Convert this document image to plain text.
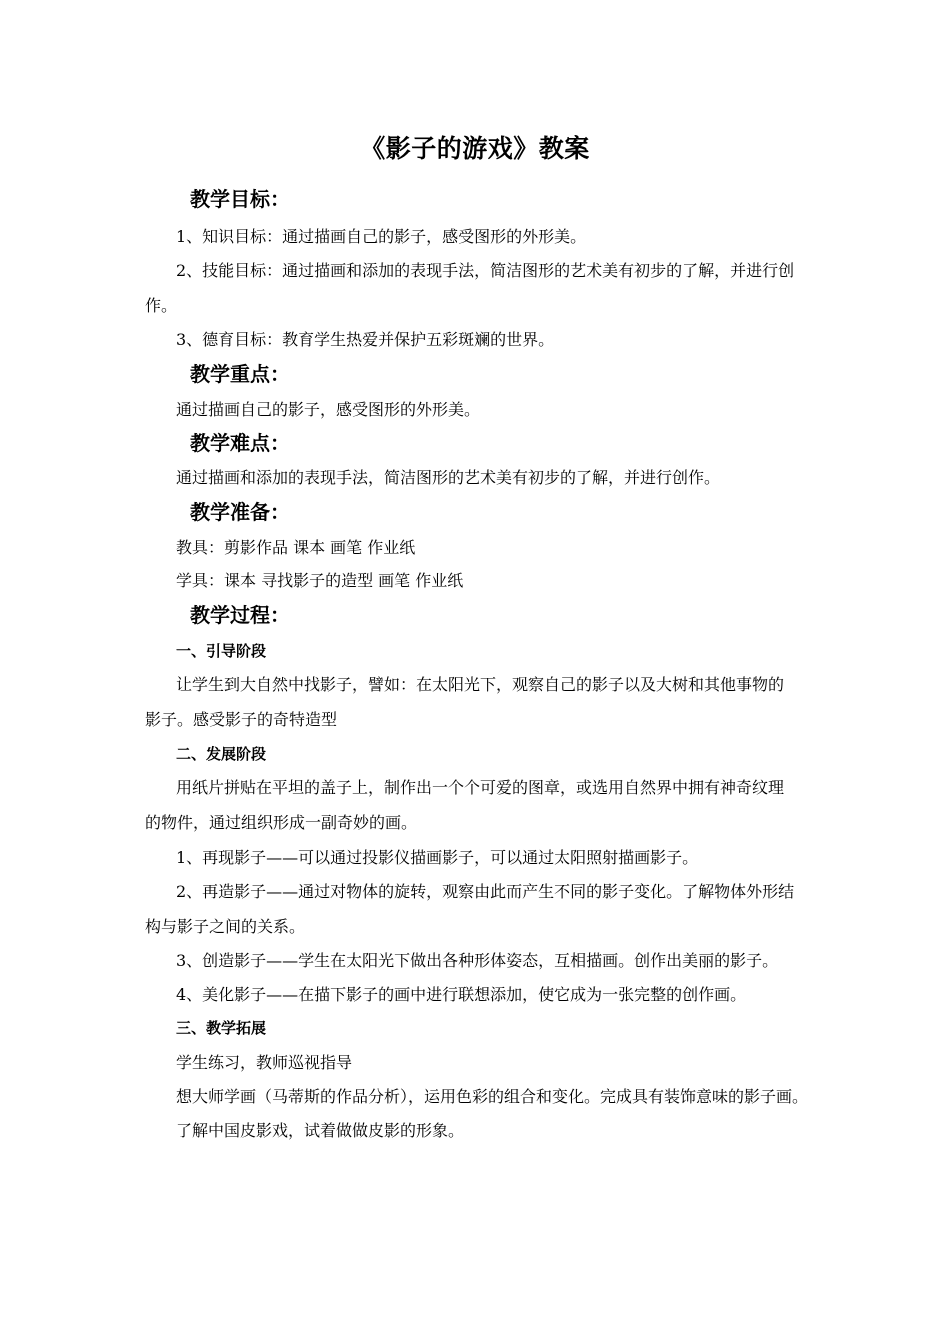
《影子的游戏》教案
教学目标：
1、知识目标：通过描画自己的影子，感受图形的外形美。
2、技能目标：通过描画和添加的表现手法，简洁图形的艺术美有初步的了解，并进行创
作。
3、德育目标：教育学生热爱并保护五彩斑斓的世界。
教学重点：
通过描画自己的影子，感受图形的外形美。
教学难点：
通过描画和添加的表现手法，简洁图形的艺术美有初步的了解，并进行创作。
教学准备：
教具：剪影作品 课本 画笔 作业纸
学具：课本 寻找影子的造型 画笔 作业纸
教学过程：
一、引导阶段
让学生到大自然中找影子，譬如：在太阳光下，观察自己的影子以及大树和其他事物的
影子。感受影子的奇特造型
二、发展阶段
用纸片拼贴在平坦的盖子上，制作出一个个可爱的图章，或选用自然界中拥有神奇纹理
的物件，通过组织形成一副奇妙的画。
1、再现影子——可以通过投影仪描画影子，可以通过太阳照射描画影子。
2、再造影子——通过对物体的旋转，观察由此而产生不同的影子变化。了解物体外形结
构与影子之间的关系。
3、创造影子——学生在太阳光下做出各种形体姿态，互相描画。创作出美丽的影子。
4、美化影子——在描下影子的画中进行联想添加，使它成为一张完整的创作画。
三、教学拓展
学生练习，教师巡视指导
想大师学画（马蒂斯的作品分析），运用色彩的组合和变化。完成具有装饰意味的影子画。
了解中国皮影戏，试着做做皮影的形象。
